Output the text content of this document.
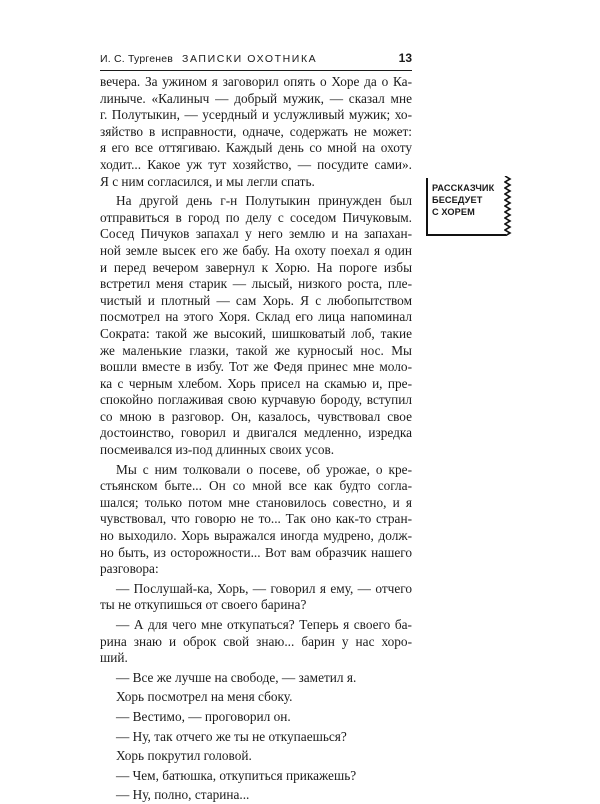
И. С. Тургенев ЗАПИСКИ ОХОТНИКА	13
вечера. За ужином я заговорил опять о Хоре да о Ка-
линыче. «Калиныч — добрый мужик, — сказал мне
г. Полутыкин, — усердный и услужливый мужик; хо-
зяйство в исправности, одначе, содержать не может:
я его все оттягиваю. Каждый день со мной на охоту
ходит... Какое уж тут хозяйство, — посудите сами».
Я с ним согласился, и мы легли спать.
На другой день г-н Полутыкин принужден был
отправиться в город по делу с соседом Пичуковым.
Сосед Пичуков запахал у него землю и на запахан-
ной земле высек его же бабу. На охоту поехал я один
и перед вечером завернул к Хорю. На пороге избы
встретил меня старик — лысый, низкого роста, пле-
чистый и плотный — сам Хорь. Я с любопытством
посмотрел на этого Хоря. Склад его лица напоминал
Сократа: такой же высокий, шишковатый лоб, такие
же маленькие глазки, такой же курносый нос. Мы
вошли вместе в избу. Тот же Федя принес мне моло-
ка с черным хлебом. Хорь присел на скамью и, пре-
спокойно поглаживая свою курчавую бороду, вступил
со мною в разговор. Он, казалось, чувствовал свое
достоинство, говорил и двигался медленно, изредка
посмеивался из-под длинных своих усов.
Мы с ним толковали о посеве, об урожае, о кре-
стьянском быте... Он со мной все как будто согла-
шался; только потом мне становилось совестно, и я
чувствовал, что говорю не то... Так оно как-то стран-
но выходило. Хорь выражался иногда мудрено, долж-
но быть, из осторожности... Вот вам образчик нашего
разговора:
— Послушай-ка, Хорь, — говорил я ему, — отчего
ты не откупишься от своего барина?
— А для чего мне откупаться? Теперь я своего ба-
рина знаю и оброк свой знаю... барин у нас хоро-
ший.
— Все же лучше на свободе, — заметил я.
Хорь посмотрел на меня сбоку.
— Вестимо, — проговорил он.
— Ну, так отчего же ты не откупаешься?
Хорь покрутил головой.
— Чем, батюшка, откупиться прикажешь?
— Ну, полно, старина...
РАССКАЗЧИК
БЕСЕДУЕТ
С ХОРЕМ
